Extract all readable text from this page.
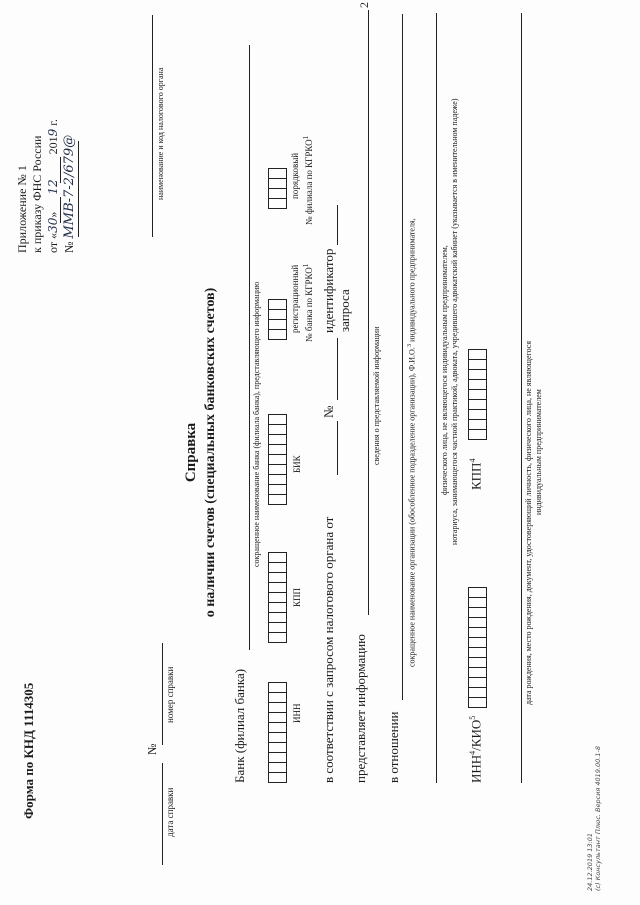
Форма по КНД 1114305
Приложение № 1 к приказу ФНС России от «30» 12 2019 г.
№ ММВ-7-2/679@	наименование и код налогового органа
№
дата справки
номер справки
Справка о наличии счетов (специальных банковских счетов)
Банк (филиал банка)
сокращенное наименование банка (филиала банка), представляющего информацию
ИНН
КПП
БИК
регистрационный № банка по КГРКО$^1$
порядковый № филиала по КГРКО$^1$
в соответствии с запросом налогового органа от
№
идентификатор запроса
представляет информацию
сведения о представляемой информации
2
в отношении
сокращенное наименование организации (обособленное подразделение организации), Ф.И.О.$^3$ индивидуального предпринимателя,	физического лица, не являющегося индивидуальным предпринимателем, нотариуса, занимающегося частной практикой, адвоката, учредившего адвокатский кабинет (указывается в именительном падеже)
ИНН$^4$/КИО$^5$
КПП$^4$	дата рождения, место рождения, документ, удостоверяющий личность, физического лица, не являющегося индивидуальным предпринимателем
24.12.2019 13:01 (c) Консультант Плюс. Версия 4019.00.1-8
